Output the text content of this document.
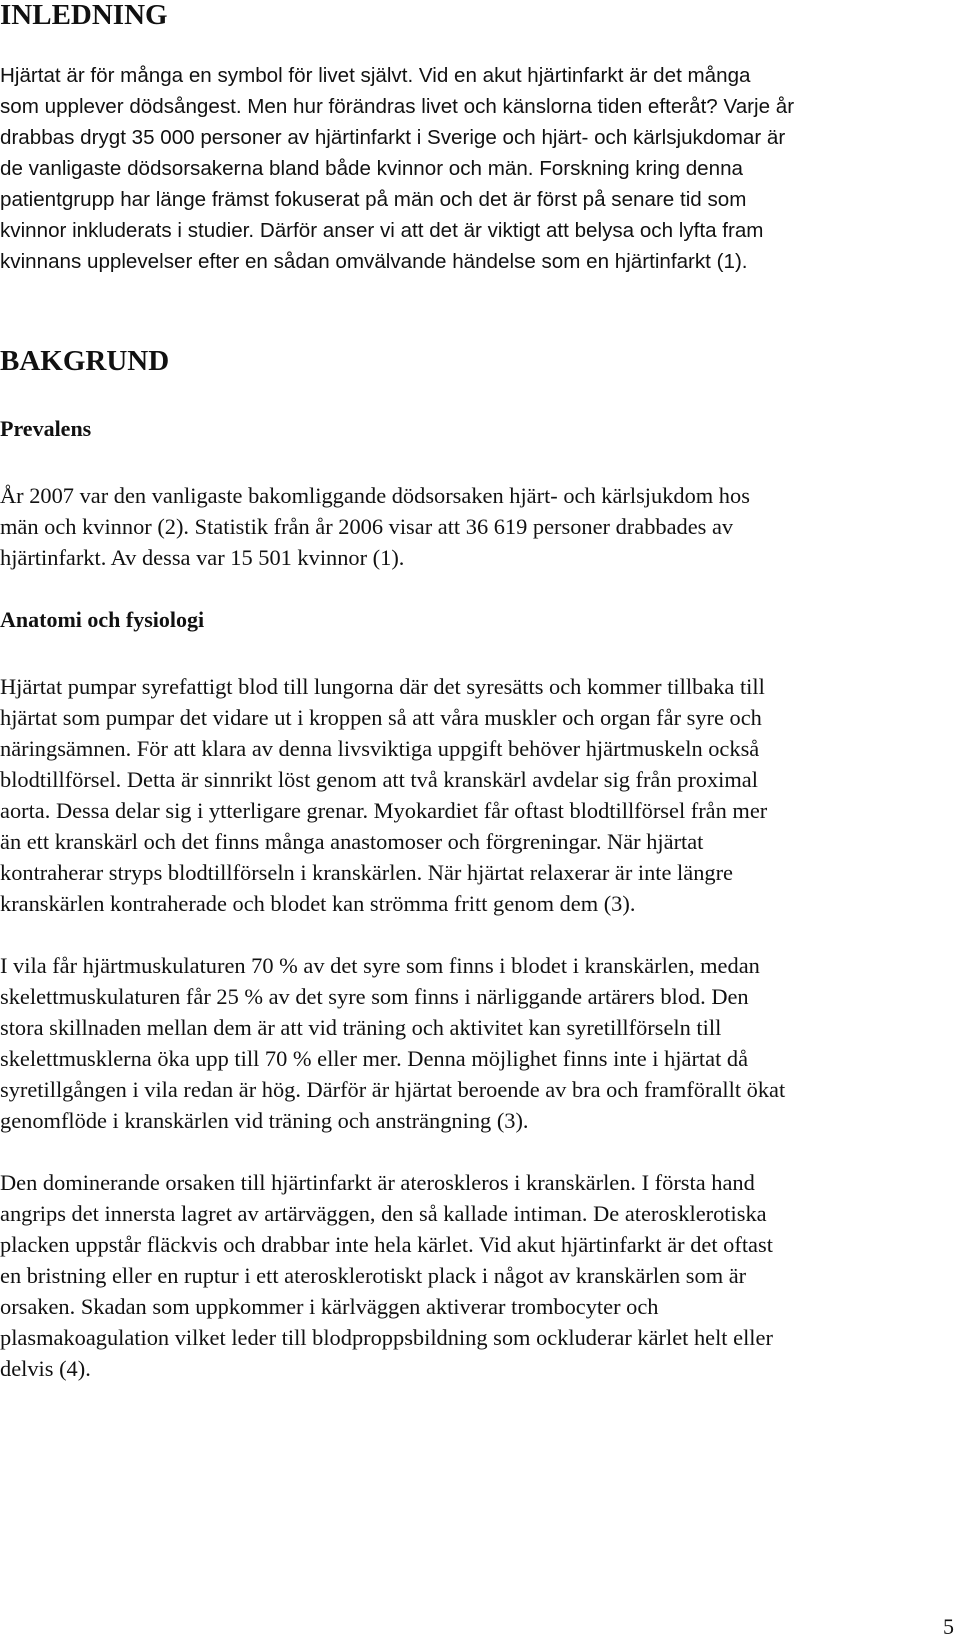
INLEDNING
Hjärtat är för många en symbol för livet självt. Vid en akut hjärtinfarkt är det många
som upplever dödsångest. Men hur förändras livet och känslorna tiden efteråt? Varje år
drabbas drygt 35 000 personer av hjärtinfarkt i Sverige och hjärt- och kärlsjukdomar är
de vanligaste dödsorsakerna bland både kvinnor och män. Forskning kring denna
patientgrupp har länge främst fokuserat på män och det är först på senare tid som
kvinnor inkluderats i studier. Därför anser vi att det är viktigt att belysa och lyfta fram
kvinnans upplevelser efter en sådan omvälvande händelse som en hjärtinfarkt (1).
BAKGRUND
Prevalens
År 2007 var den vanligaste bakomliggande dödsorsaken hjärt- och kärlsjukdom hos
män och kvinnor (2). Statistik från år 2006 visar att 36 619 personer drabbades av
hjärtinfarkt. Av dessa var 15 501 kvinnor (1).
Anatomi och fysiologi
Hjärtat pumpar syrefattigt blod till lungorna där det syresätts och kommer tillbaka till
hjärtat som pumpar det vidare ut i kroppen så att våra muskler och organ får syre och
näringsämnen. För att klara av denna livsviktiga uppgift behöver hjärtmuskeln också
blodtillförsel. Detta är sinnrikt löst genom att två kranskärl avdelar sig från proximal
aorta. Dessa delar sig i ytterligare grenar. Myokardiet får oftast blodtillförsel från mer
än ett kranskärl och det finns många anastomoser och förgreningar. När hjärtat
kontraherar stryps blodtillförseln i kranskärlen. När hjärtat relaxerar är inte längre
kranskärlen kontraherade och blodet kan strömma fritt genom dem (3).
I vila får hjärtmuskulaturen 70 % av det syre som finns i blodet i kranskärlen, medan
skelettmuskulaturen får 25 % av det syre som finns i närliggande artärers blod. Den
stora skillnaden mellan dem är att vid träning och aktivitet kan syretillförseln till
skelettmusklerna öka upp till 70 % eller mer. Denna möjlighet finns inte i hjärtat då
syretillgången i vila redan är hög. Därför är hjärtat beroende av bra och framförallt ökat
genomflöde i kranskärlen vid träning och ansträngning (3).
Den dominerande orsaken till hjärtinfarkt är ateroskleros i kranskärlen. I första hand
angrips det innersta lagret av artärväggen, den så kallade intiman. De aterosklerotiska
placken uppstår fläckvis och drabbar inte hela kärlet. Vid akut hjärtinfarkt är det oftast
en bristning eller en ruptur i ett aterosklerotiskt plack i något av kranskärlen som är
orsaken. Skadan som uppkommer i kärlväggen aktiverar trombocyter och
plasmakoagulation vilket leder till blodproppsbildning som ockluderar kärlet helt eller
delvis (4).
5
